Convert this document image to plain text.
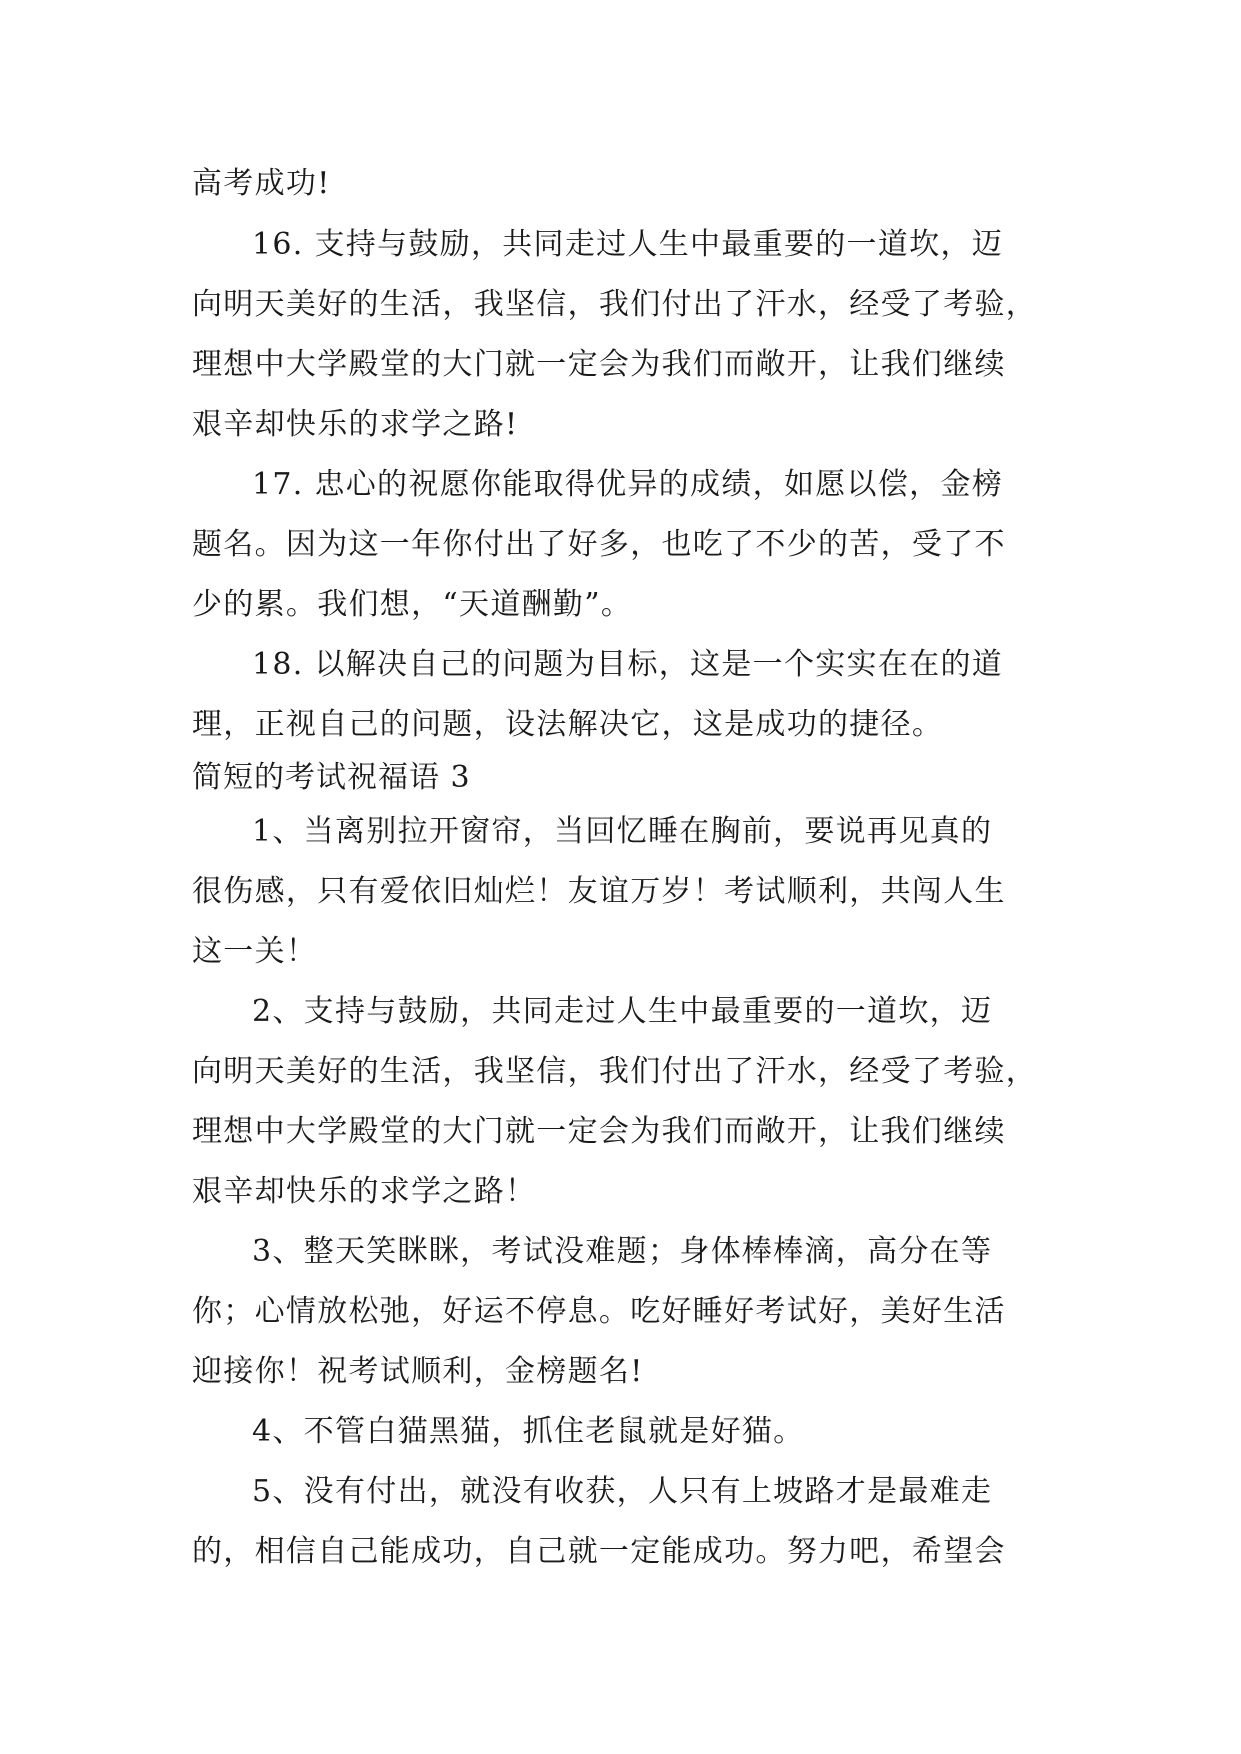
高考成功!
16. 支持与鼓励，共同走过人生中最重要的一道坎，迈
向明天美好的生活，我坚信，我们付出了汗水，经受了考验，
理想中大学殿堂的大门就一定会为我们而敞开，让我们继续
艰辛却快乐的求学之路!
17. 忠心的祝愿你能取得优异的成绩，如愿以偿，金榜
题名。因为这一年你付出了好多，也吃了不少的苦，受了不
少的累。我们想，“天道酬勤”。
18. 以解决自己的问题为目标，这是一个实实在在的道
理，正视自己的问题，设法解决它，这是成功的捷径。
简短的考试祝福语 3
1、当离别拉开窗帘，当回忆睡在胸前，要说再见真的
很伤感，只有爱依旧灿烂！友谊万岁！考试顺利，共闯人生
这一关！
2、支持与鼓励，共同走过人生中最重要的一道坎，迈
向明天美好的生活，我坚信，我们付出了汗水，经受了考验，
理想中大学殿堂的大门就一定会为我们而敞开，让我们继续
艰辛却快乐的求学之路！
3、整天笑眯眯，考试没难题；身体棒棒滴，高分在等
你；心情放松弛，好运不停息。吃好睡好考试好，美好生活
迎接你！祝考试顺利，金榜题名!
4、不管白猫黑猫，抓住老鼠就是好猫。
5、没有付出，就没有收获，人只有上坡路才是最难走
的，相信自己能成功，自己就一定能成功。努力吧，希望会
